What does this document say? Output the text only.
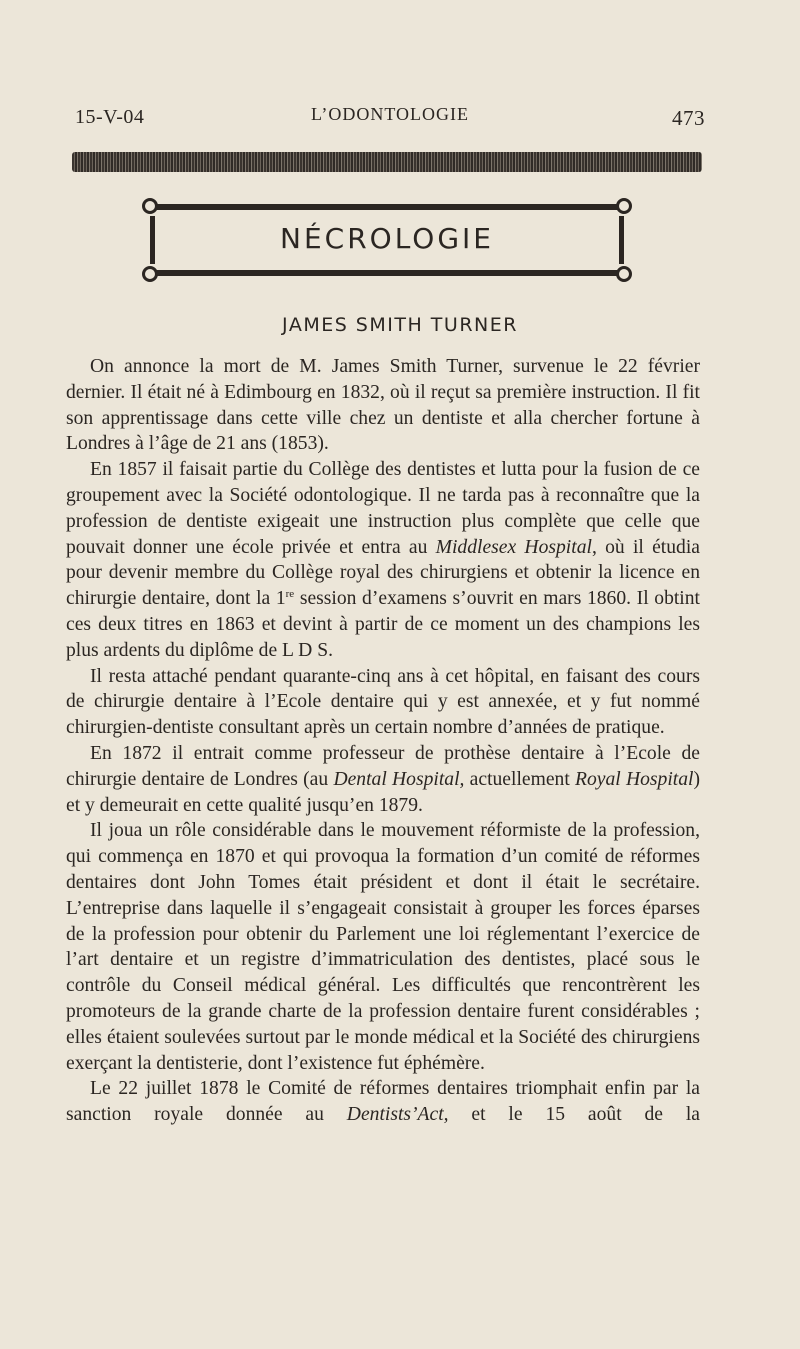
15-V-04	L’ODONTOLOGIE	473
NÉCROLOGIE
JAMES SMITH TURNER

On annonce la mort de M. James Smith Turner, survenue le 22 février dernier. Il était né à Edimbourg en 1832, où il reçut sa première instruction. Il fit son apprentissage dans cette ville chez un dentiste et alla chercher fortune à Londres à l’âge de 21 ans (1853).

En 1857 il faisait partie du Collège des dentistes et lutta pour la fusion de ce groupement avec la Société odontologique. Il ne tarda pas à reconnaître que la profession de dentiste exigeait une instruction plus complète que celle que pouvait donner une école privée et entra au Middlesex Hospital, où il étudia pour devenir membre du Collège royal des chirurgiens et obtenir la licence en chirurgie dentaire, dont la 1re session d’examens s’ouvrit en mars 1860. Il obtint ces deux titres en 1863 et devint à partir de ce moment un des champions les plus ardents du diplôme de L D S.

Il resta attaché pendant quarante-cinq ans à cet hôpital, en faisant des cours de chirurgie dentaire à l’Ecole dentaire qui y est annexée, et y fut nommé chirurgien-dentiste consultant après un certain nombre d’années de pratique.

En 1872 il entrait comme professeur de prothèse dentaire à l’Ecole de chirurgie dentaire de Londres (au Dental Hospital, actuellement Royal Hospital) et y demeurait en cette qualité jusqu’en 1879.

Il joua un rôle considérable dans le mouvement réformiste de la profession, qui commença en 1870 et qui provoqua la formation d’un comité de réformes dentaires dont John Tomes était président et dont il était le secrétaire. L’entreprise dans laquelle il s’engageait consistait à grouper les forces éparses de la profession pour obtenir du Parlement une loi réglementant l’exercice de l’art dentaire et un registre d’immatriculation des dentistes, placé sous le contrôle du Conseil médical général. Les difficultés que rencontrèrent les promoteurs de la grande charte de la profession dentaire furent considérables ; elles étaient soulevées surtout par le monde médical et la Société des chirurgiens exerçant la dentisterie, dont l’existence fut éphémère.

Le 22 juillet 1878 le Comité de réformes dentaires triomphait enfin par la sanction royale donnée au Dentists’Act, et le 15 août de la
